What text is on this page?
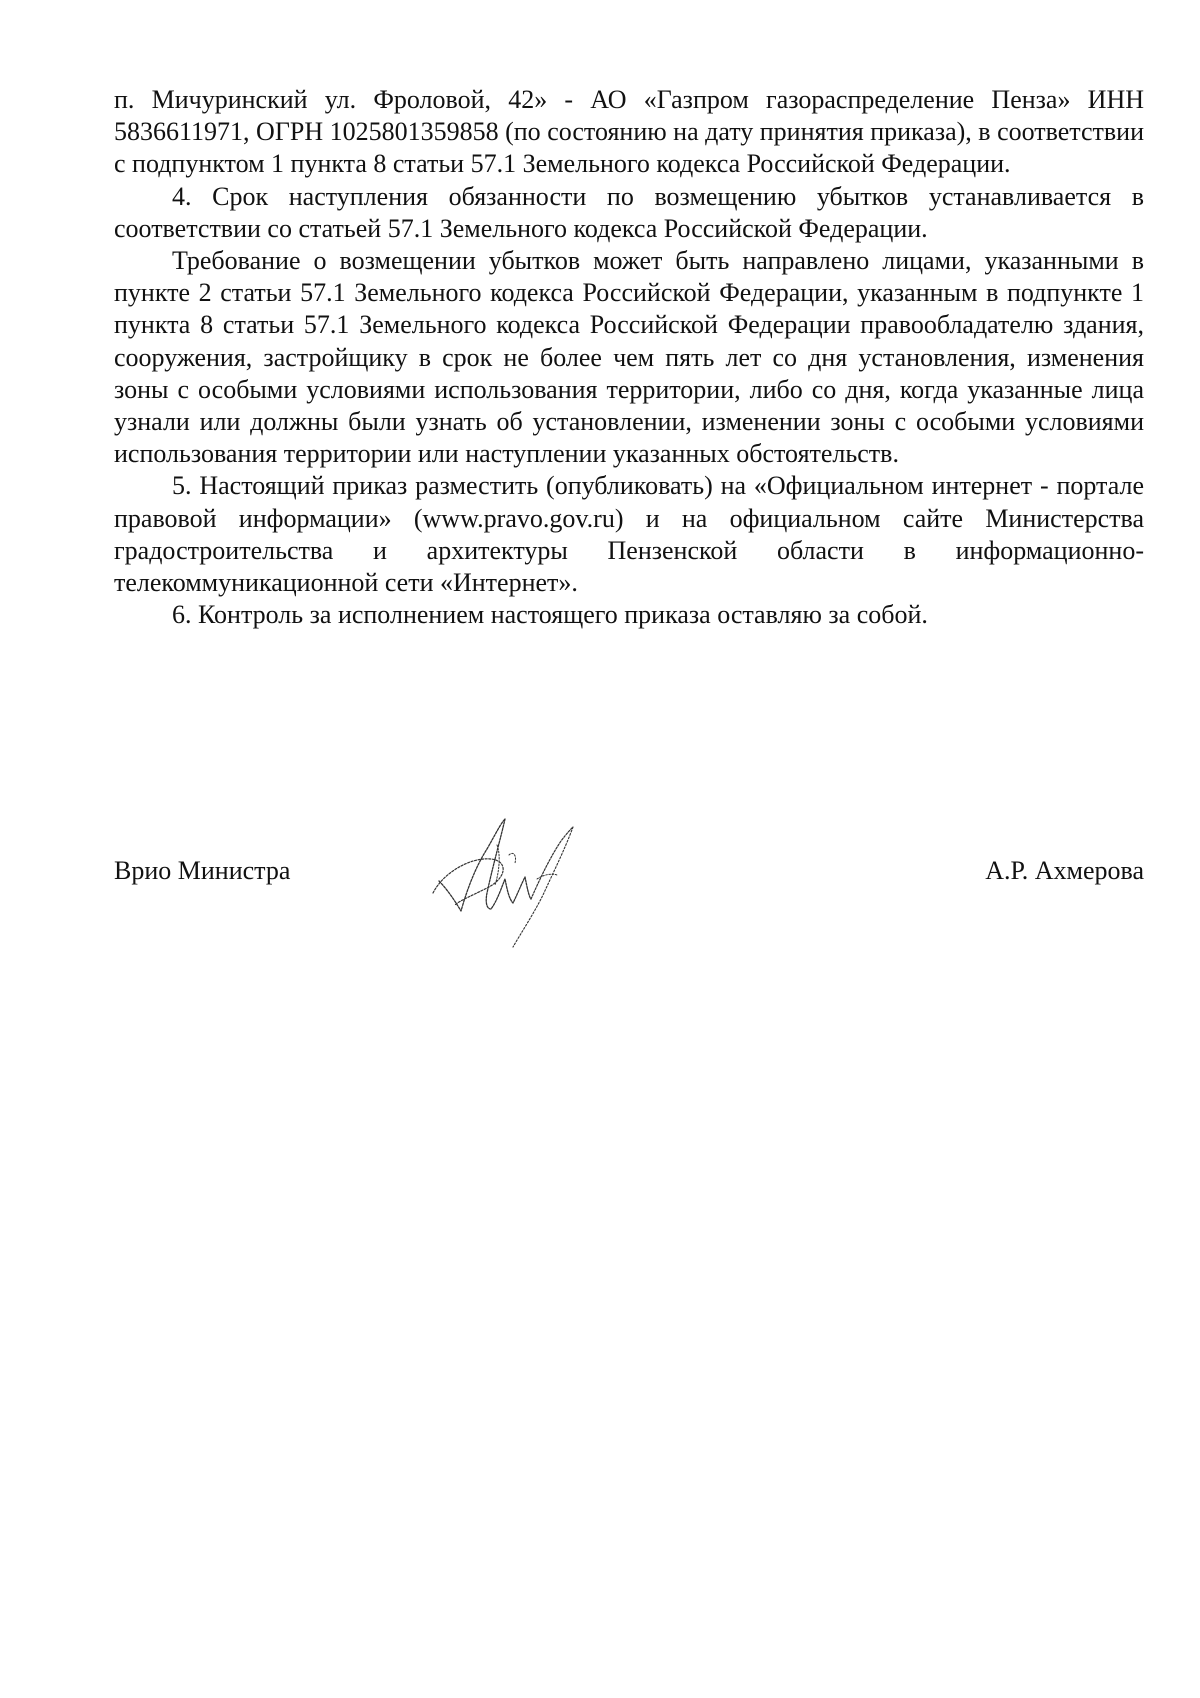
п. Мичуринский ул. Фроловой, 42» - АО «Газпром газораспределение Пенза» ИНН 5836611971, ОГРН 1025801359858 (по состоянию на дату принятия приказа), в соответствии с подпунктом 1 пункта 8 статьи 57.1 Земельного кодекса Российской Федерации.

4. Срок наступления обязанности по возмещению убытков устанавливается в соответствии со статьей 57.1 Земельного кодекса Российской Федерации.

Требование о возмещении убытков может быть направлено лицами, указанными в пункте 2 статьи 57.1 Земельного кодекса Российской Федерации, указанным в подпункте 1 пункта 8 статьи 57.1 Земельного кодекса Российской Федерации правообладателю здания, сооружения, застройщику в срок не более чем пять лет со дня установления, изменения зоны с особыми условиями использования территории, либо со дня, когда указанные лица узнали или должны были узнать об установлении, изменении зоны с особыми условиями использования территории или наступлении указанных обстоятельств.

5. Настоящий приказ разместить (опубликовать) на «Официальном интернет - портале правовой информации» (www.pravo.gov.ru) и на официальном сайте Министерства градостроительства и архитектуры Пензенской области в информационно-телекоммуникационной сети «Интернет».

6. Контроль за исполнением настоящего приказа оставляю за собой.

Врио Министра	А.Р. Ахмерова
